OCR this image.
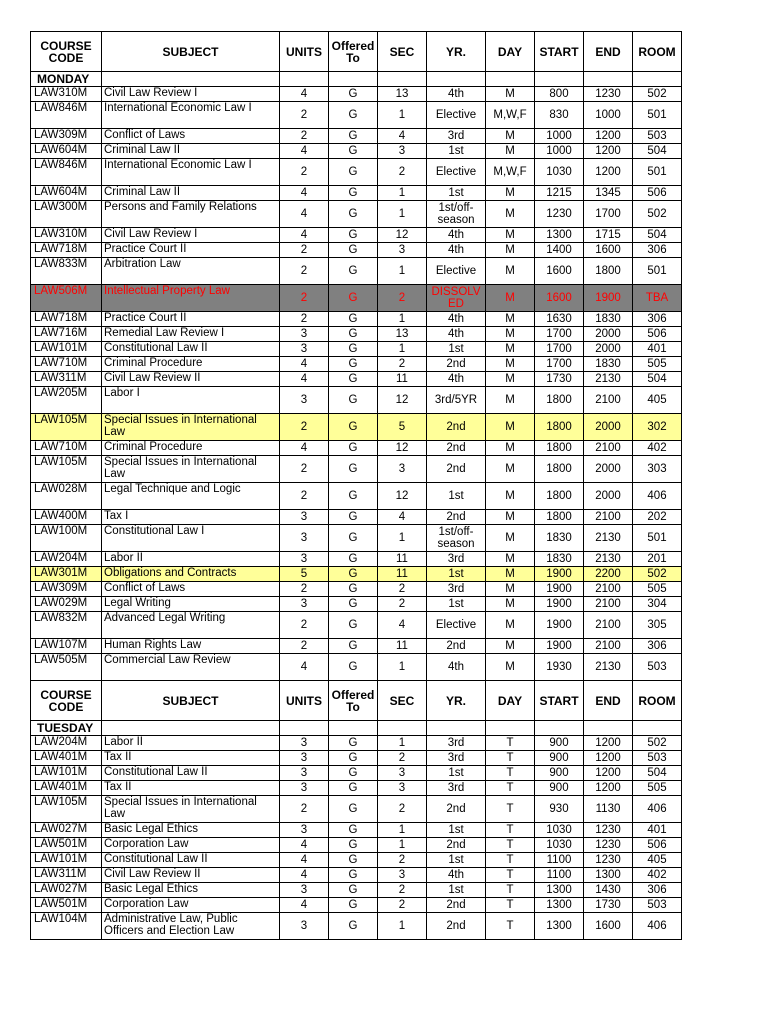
COURSE CODE	SUBJECT	UNITS	Offered To	SEC	YR.	DAY	START	END	ROOM
MONDAY									
LAW310M	Civil Law Review I	4	G	13	4th	M	800	1230	502
LAW846M	International Economic Law I	2	G	1	Elective	M,W,F	830	1000	501
LAW309M	Conflict of Laws	2	G	4	3rd	M	1000	1200	503
LAW604M	Criminal Law II	4	G	3	1st	M	1000	1200	504
LAW846M	International Economic Law I	2	G	2	Elective	M,W,F	1030	1200	501
LAW604M	Criminal Law II	4	G	1	1st	M	1215	1345	506
LAW300M	Persons and Family Relations	4	G	1	1st/off-season	M	1230	1700	502
LAW310M	Civil Law Review I	4	G	12	4th	M	1300	1715	504
LAW718M	Practice Court II	2	G	3	4th	M	1400	1600	306
LAW833M	Arbitration Law	2	G	1	Elective	M	1600	1800	501
LAW506M	Intellectual Property Law	2	G	2	DISSOLVED	M	1600	1900	TBA
LAW718M	Practice Court II	2	G	1	4th	M	1630	1830	306
LAW716M	Remedial Law Review I	3	G	13	4th	M	1700	2000	506
LAW101M	Constitutional Law II	3	G	1	1st	M	1700	2000	401
LAW710M	Criminal Procedure	4	G	2	2nd	M	1700	1830	505
LAW311M	Civil Law Review II	4	G	11	4th	M	1730	2130	504
LAW205M	Labor I	3	G	12	3rd/5YR	M	1800	2100	405
LAW105M	Special Issues in International Law	2	G	5	2nd	M	1800	2000	302
LAW710M	Criminal Procedure	4	G	12	2nd	M	1800	2100	402
LAW105M	Special Issues in International Law	2	G	3	2nd	M	1800	2000	303
LAW028M	Legal Technique and Logic	2	G	12	1st	M	1800	2000	406
LAW400M	Tax I	3	G	4	2nd	M	1800	2100	202
LAW100M	Constitutional Law I	3	G	1	1st/off-season	M	1830	2130	501
LAW204M	Labor II	3	G	11	3rd	M	1830	2130	201
LAW301M	Obligations and Contracts	5	G	11	1st	M	1900	2200	502
LAW309M	Conflict of Laws	2	G	2	3rd	M	1900	2100	505
LAW029M	Legal Writing	3	G	2	1st	M	1900	2100	304
LAW832M	Advanced Legal Writing	2	G	4	Elective	M	1900	2100	305
LAW107M	Human Rights Law	2	G	11	2nd	M	1900	2100	306
LAW505M	Commercial Law Review	4	G	1	4th	M	1930	2130	503
COURSE CODE	SUBJECT	UNITS	Offered To	SEC	YR.	DAY	START	END	ROOM
TUESDAY									
LAW204M	Labor II	3	G	1	3rd	T	900	1200	502
LAW401M	Tax II	3	G	2	3rd	T	900	1200	503
LAW101M	Constitutional Law II	3	G	3	1st	T	900	1200	504
LAW401M	Tax II	3	G	3	3rd	T	900	1200	505
LAW105M	Special Issues in International Law	2	G	2	2nd	T	930	1130	406
LAW027M	Basic Legal Ethics	3	G	1	1st	T	1030	1230	401
LAW501M	Corporation Law	4	G	1	2nd	T	1030	1230	506
LAW101M	Constitutional Law II	4	G	2	1st	T	1100	1230	405
LAW311M	Civil Law Review II	4	G	3	4th	T	1100	1300	402
LAW027M	Basic Legal Ethics	3	G	2	1st	T	1300	1430	306
LAW501M	Corporation Law	4	G	2	2nd	T	1300	1730	503
LAW104M	Administrative Law, Public Officers and Election Law	3	G	1	2nd	T	1300	1600	406
